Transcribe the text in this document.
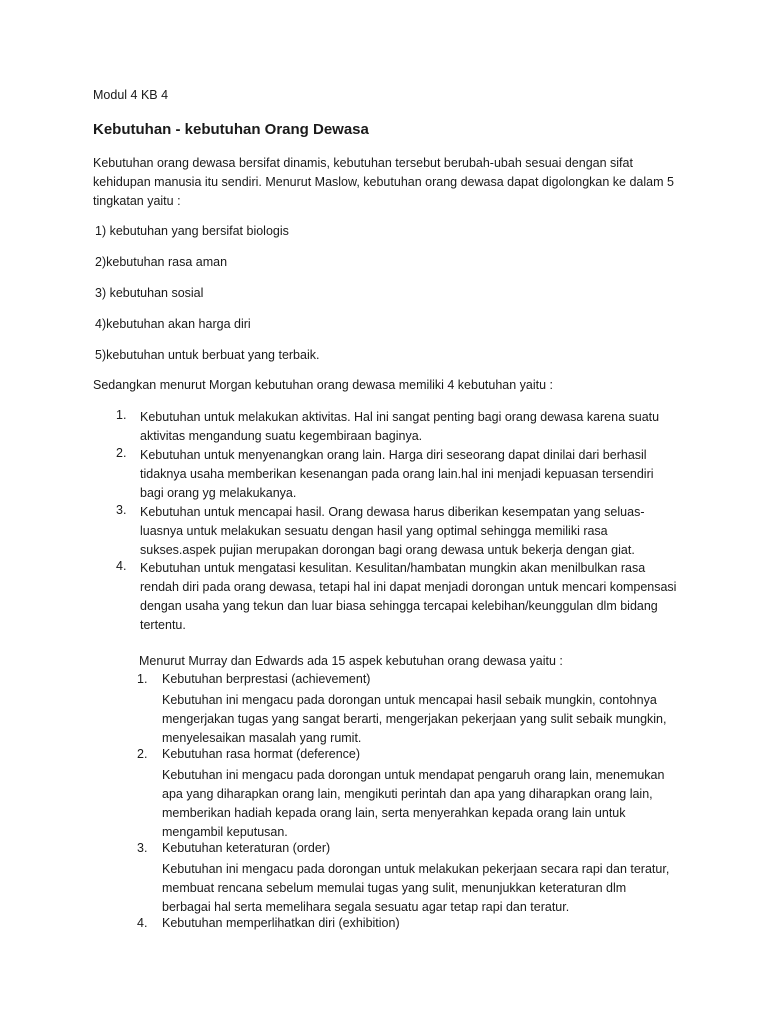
Modul 4 KB 4
Kebutuhan - kebutuhan Orang Dewasa
Kebutuhan orang dewasa bersifat dinamis, kebutuhan tersebut berubah-ubah sesuai dengan sifat kehidupan manusia itu sendiri. Menurut Maslow, kebutuhan orang dewasa dapat digolongkan ke dalam 5 tingkatan yaitu :
1) kebutuhan yang bersifat biologis
2)kebutuhan rasa aman
3) kebutuhan sosial
4)kebutuhan akan harga diri
5)kebutuhan untuk berbuat yang terbaik.
Sedangkan menurut Morgan kebutuhan orang dewasa memiliki 4 kebutuhan yaitu :
1. Kebutuhan untuk melakukan aktivitas. Hal ini sangat penting bagi orang dewasa karena suatu aktivitas mengandung suatu kegembiraan baginya.
2. Kebutuhan untuk menyenangkan orang lain. Harga diri seseorang dapat dinilai dari berhasil tidaknya usaha memberikan kesenangan pada orang lain.hal ini menjadi kepuasan tersendiri bagi orang yg melakukanya.
3. Kebutuhan untuk mencapai hasil. Orang dewasa harus diberikan kesempatan yang seluas-luasnya untuk melakukan sesuatu dengan hasil yang optimal sehingga memiliki rasa sukses.aspek pujian merupakan dorongan bagi orang dewasa untuk bekerja dengan giat.
4. Kebutuhan untuk mengatasi kesulitan. Kesulitan/hambatan mungkin akan menilbulkan rasa rendah diri pada orang dewasa, tetapi hal ini dapat menjadi dorongan untuk mencari kompensasi dengan usaha yang tekun dan luar biasa sehingga tercapai kelebihan/keunggulan dlm bidang tertentu.
Menurut Murray dan Edwards ada 15 aspek kebutuhan orang dewasa yaitu :
1. Kebutuhan berprestasi (achievement)
Kebutuhan ini mengacu pada dorongan untuk mencapai hasil sebaik mungkin, contohnya mengerjakan tugas yang sangat berarti, mengerjakan pekerjaan yang sulit sebaik mungkin, menyelesaikan masalah yang rumit.
2. Kebutuhan rasa hormat (deference)
Kebutuhan ini mengacu pada dorongan untuk mendapat pengaruh orang lain, menemukan apa yang diharapkan orang lain, mengikuti perintah dan apa yang diharapkan orang lain, memberikan hadiah kepada orang lain, serta menyerahkan kepada orang lain untuk mengambil keputusan.
3. Kebutuhan keteraturan (order)
Kebutuhan ini mengacu pada dorongan untuk melakukan pekerjaan secara rapi dan teratur, membuat rencana sebelum memulai tugas yang sulit, menunjukkan keteraturan dlm berbagai hal serta memelihara segala sesuatu agar tetap rapi dan teratur.
4. Kebutuhan memperlihatkan diri (exhibition)
